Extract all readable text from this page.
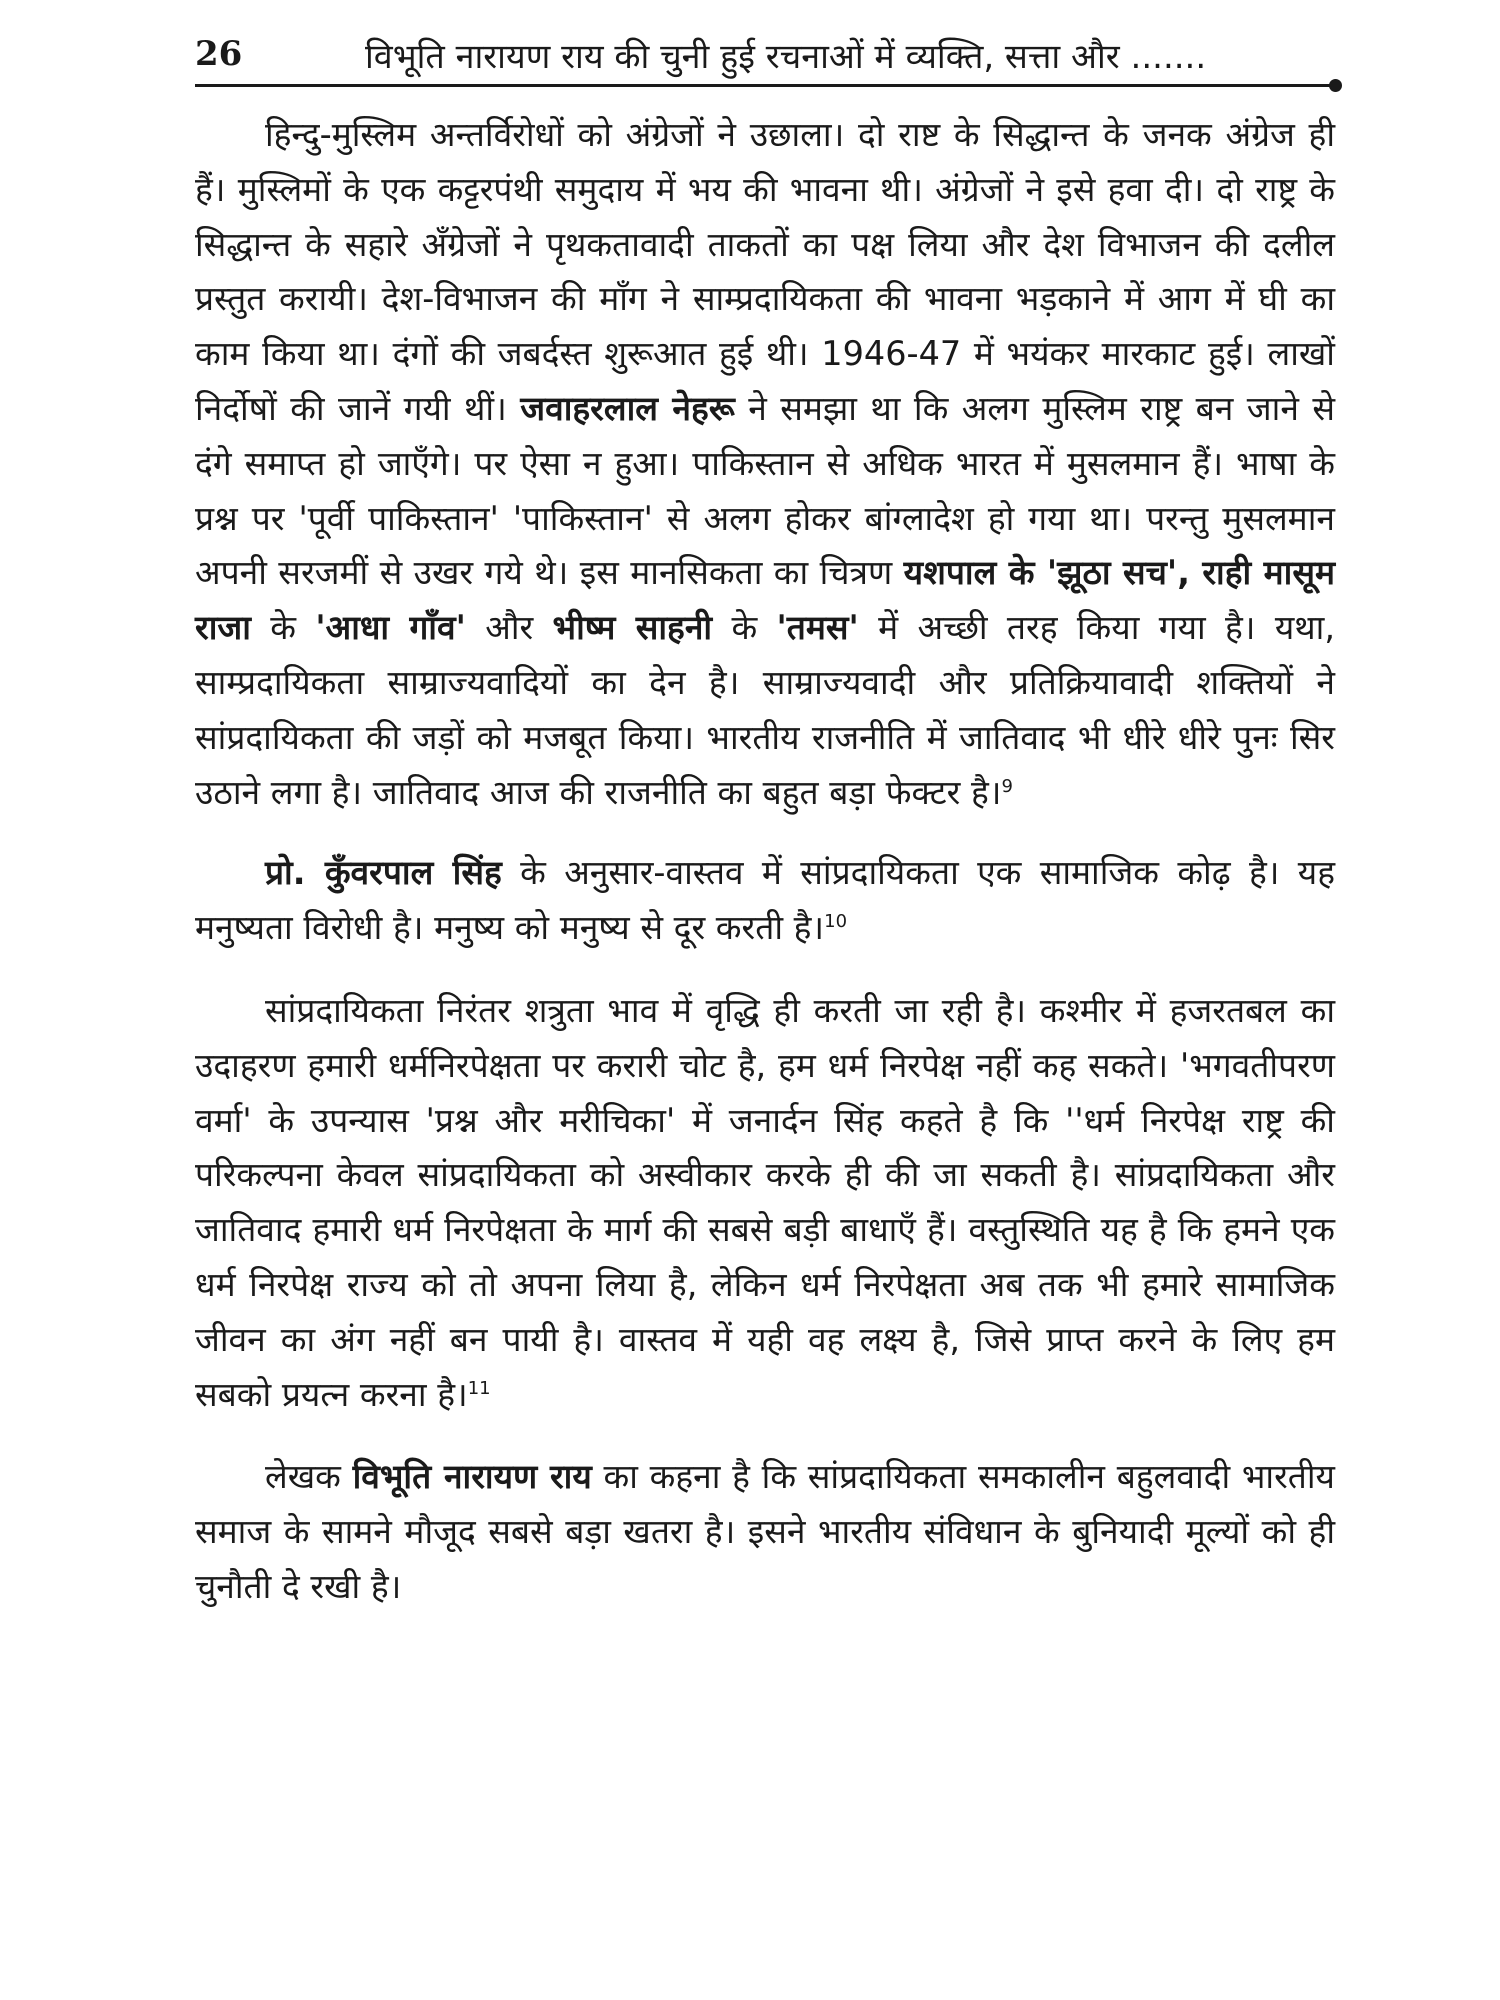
26	विभूति नारायण राय की चुनी हुई रचनाओं में व्यक्ति, सत्ता और .......

हिन्दु-मुस्लिम अन्तर्विरोधों को अंग्रेजों ने उछाला। दो राष्ट के सिद्धान्त के जनक अंग्रेज ही हैं। मुस्लिमों के एक कट्टरपंथी समुदाय में भय की भावना थी। अंग्रेजों ने इसे हवा दी। दो राष्ट्र के सिद्धान्त के सहारे अँग्रेजों ने पृथकतावादी ताकतों का पक्ष लिया और देश विभाजन की दलील प्रस्तुत करायी। देश-विभाजन की माँग ने साम्प्रदायिकता की भावना भड़काने में आग में घी का काम किया था। दंगों की जबर्दस्त शुरूआत हुई थी। 1946-47 में भयंकर मारकाट हुई। लाखों निर्दोषों की जानें गयी थीं। जवाहरलाल नेहरू ने समझा था कि अलग मुस्लिम राष्ट्र बन जाने से दंगे समाप्त हो जाएँगे। पर ऐसा न हुआ। पाकिस्तान से अधिक भारत में मुसलमान हैं। भाषा के प्रश्न पर 'पूर्वी पाकिस्तान' 'पाकिस्तान' से अलग होकर बांग्लादेश हो गया था। परन्तु मुसलमान अपनी सरजमीं से उखर गये थे। इस मानसिकता का चित्रण यशपाल के 'झूठा सच', राही मासूम राजा के 'आधा गाँव' और भीष्म साहनी के 'तमस' में अच्छी तरह किया गया है। यथा, साम्प्रदायिकता साम्राज्यवादियों का देन है। साम्राज्यवादी और प्रतिक्रियावादी शक्तियों ने सांप्रदायिकता की जड़ों को मजबूत किया। भारतीय राजनीति में जातिवाद भी धीरे धीरे पुनः सिर उठाने लगा है। जातिवाद आज की राजनीति का बहुत बड़ा फेक्टर है।$^9$

प्रो. कुँवरपाल सिंह के अनुसार-वास्तव में सांप्रदायिकता एक सामाजिक कोढ़ है। यह मनुष्यता विरोधी है। मनुष्य को मनुष्य से दूर करती है।$^{10}$

सांप्रदायिकता निरंतर शत्रुता भाव में वृद्धि ही करती जा रही है। कश्मीर में हजरतबल का उदाहरण हमारी धर्मनिरपेक्षता पर करारी चोट है, हम धर्म निरपेक्ष नहीं कह सकते। 'भगवतीपरण वर्मा' के उपन्यास 'प्रश्न और मरीचिका' में जनार्दन सिंह कहते है कि ''धर्म निरपेक्ष राष्ट्र की परिकल्पना केवल सांप्रदायिकता को अस्वीकार करके ही की जा सकती है। सांप्रदायिकता और जातिवाद हमारी धर्म निरपेक्षता के मार्ग की सबसे बड़ी बाधाएँ हैं। वस्तुस्थिति यह है कि हमने एक धर्म निरपेक्ष राज्य को तो अपना लिया है, लेकिन धर्म निरपेक्षता अब तक भी हमारे सामाजिक जीवन का अंग नहीं बन पायी है। वास्तव में यही वह लक्ष्य है, जिसे प्राप्त करने के लिए हम सबको प्रयत्न करना है।$^{11}$

लेखक विभूति नारायण राय का कहना है कि सांप्रदायिकता समकालीन बहुलवादी भारतीय समाज के सामने मौजूद सबसे बड़ा खतरा है। इसने भारतीय संविधान के बुनियादी मूल्यों को ही चुनौती दे रखी है।
